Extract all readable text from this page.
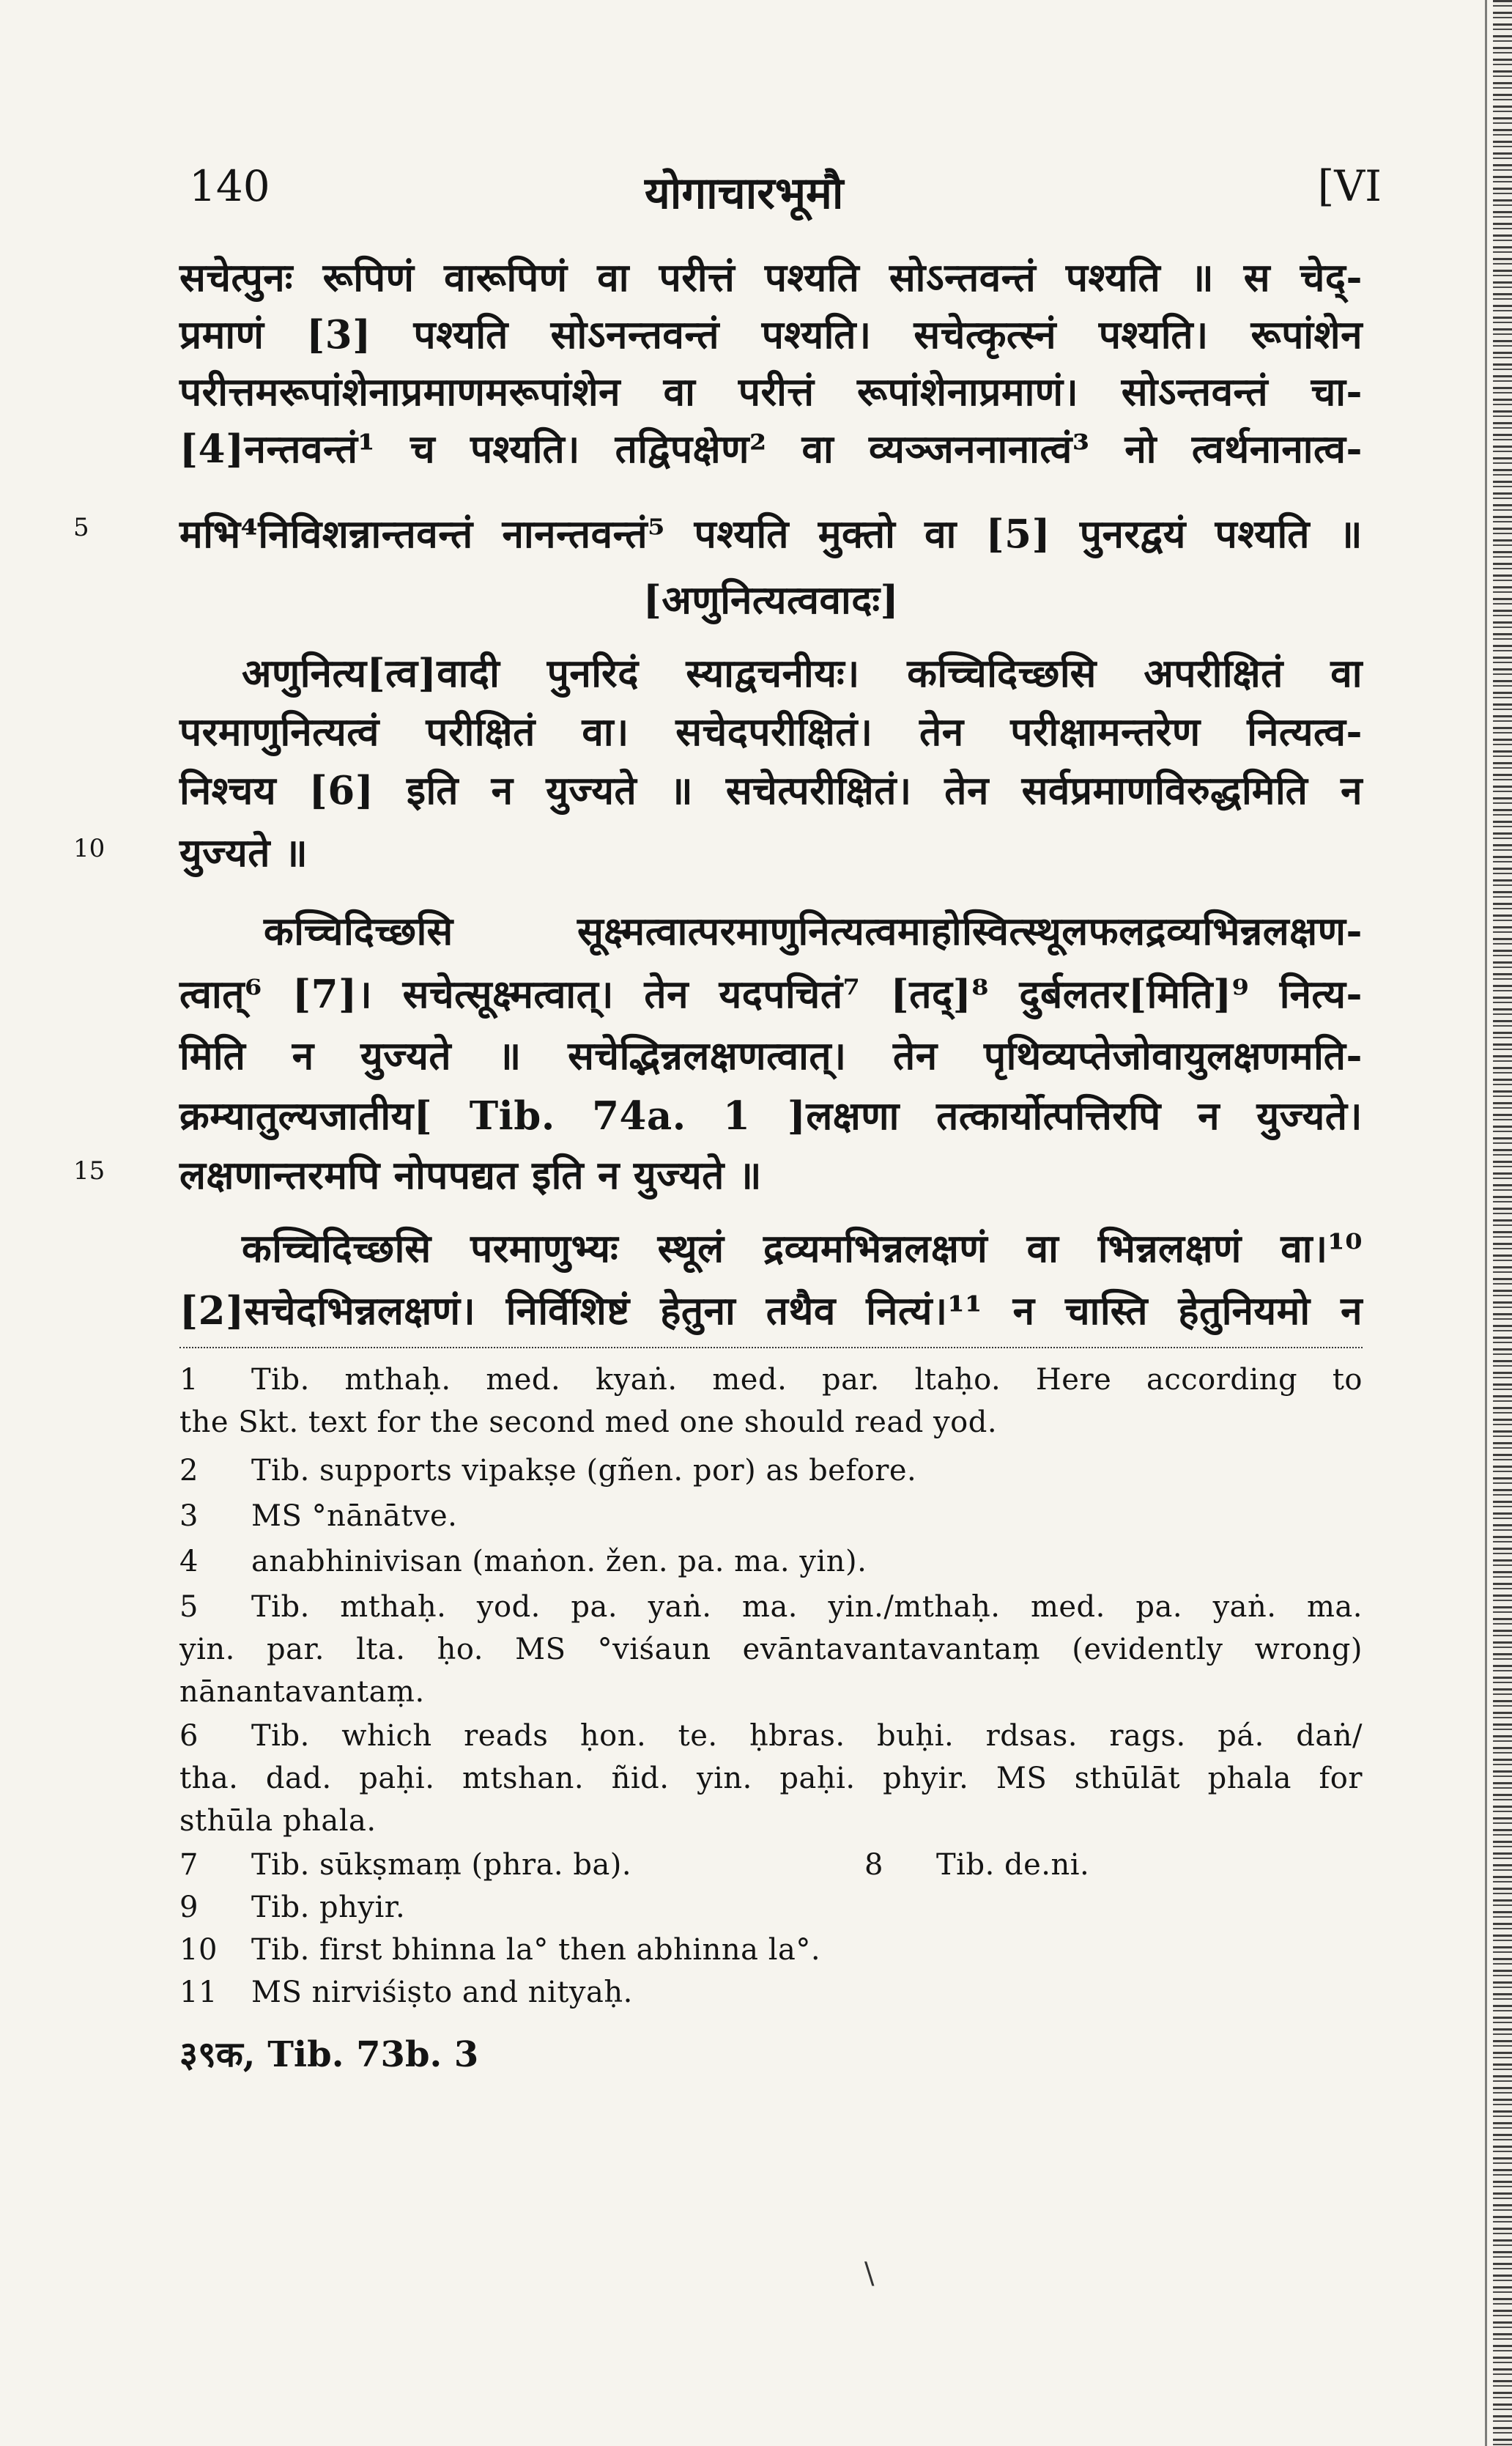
140	योगाचारभूमौ	[VI
सचेत्पुनः रूपिणं वारूपिणं वा परीत्तं पश्यति सोऽन्तवन्तं पश्यति ॥ स चेद्-
प्रमाणं [3] पश्यति सोऽनन्तवन्तं पश्यति। सचेत्कृत्स्नं पश्यति। रूपांशेन
परीत्तमरूपांशेनाप्रमाणमरूपांशेन वा परीत्तं रूपांशेनाप्रमाणं। सोऽन्तवन्तं चा-
[4]नन्तवन्तं¹ च पश्यति। तद्विपक्षेण² वा व्यञ्जननानात्वं³ नो त्वर्थनानात्व-
5 मभि⁴निविशन्नान्तवन्तं नानन्तवन्तं⁵ पश्यति मुक्तो वा [5] पुनरद्वयं पश्यति ॥
[अणुनित्यत्ववादः]
अणुनित्य[त्व]वादी पुनरिदं स्याद्वचनीयः। कच्चिदिच्छसि अपरीक्षितं वा
परमाणुनित्यत्वं परीक्षितं वा। सचेदपरीक्षितं। तेन परीक्षामन्तरेण नित्यत्व-
निश्चय [6] इति न युज्यते ॥ सचेत्परीक्षितं। तेन सर्वप्रमाणविरुद्धमिति न
10 युज्यते ॥
कच्चिदिच्छसि सूक्ष्मत्वात्परमाणुनित्यत्वमाहोस्वित्स्थूलफलद्रव्यभिन्नलक्षण-
त्वात्⁶ [7]। सचेत्सूक्ष्मत्वात्। तेन यदपचितं⁷ [तद्]⁸ दुर्बलतर[मिति]⁹ नित्य-
मिति न युज्यते ॥ सचेद्भिन्नलक्षणत्वात्। तेन पृथिव्यप्तेजोवायुलक्षणमति-
क्रम्यातुल्यजातीय[ Tib. 74a. 1 ]लक्षणा तत्कार्योत्पत्तिरपि न युज्यते।
15 लक्षणान्तरमपि नोपपद्यत इति न युज्यते ॥
कच्चिदिच्छसि परमाणुभ्यः स्थूलं द्रव्यमभिन्नलक्षणं वा भिन्नलक्षणं वा।¹⁰
[2]सचेदभिन्नलक्षणं। निर्विशिष्टं हेतुना तथैव नित्यं।¹¹ न चास्ति हेतुनियमो न
1 Tib. mthaḥ. med. kyaṅ. med. par. ltaḥo. Here according to
the Skt. text for the second med one should read yod.
2 Tib. supports vipakṣe (gñen. por) as before.
3 MS °nānātve.
4 anabhinivisan (maṅon. žen. pa. ma. yin).
5 Tib. mthaḥ. yod. pa. yaṅ. ma. yin./mthaḥ. med. pa. yaṅ. ma.
yin. par. lta. ḥo. MS °viśaun evāntavantavantaṃ (evidently wrong)
nānantavantaṃ.
6 Tib. which reads ḥon. te. ḥbras. buḥi. rdsas. rags. pá. daṅ/
tha. dad. paḥi. mtshan. ñid. yin. paḥi. phyir. MS sthūlāt phala for
sthūla phala.
7 Tib. sūkṣmaṃ (phra. ba).	8 Tib. de.ni.
9 Tib. phyir.
10 Tib. first bhinna la° then abhinna la°.
11 MS nirviśiṣto and nityaḥ.
३९क, Tib. 73b. 3
\
